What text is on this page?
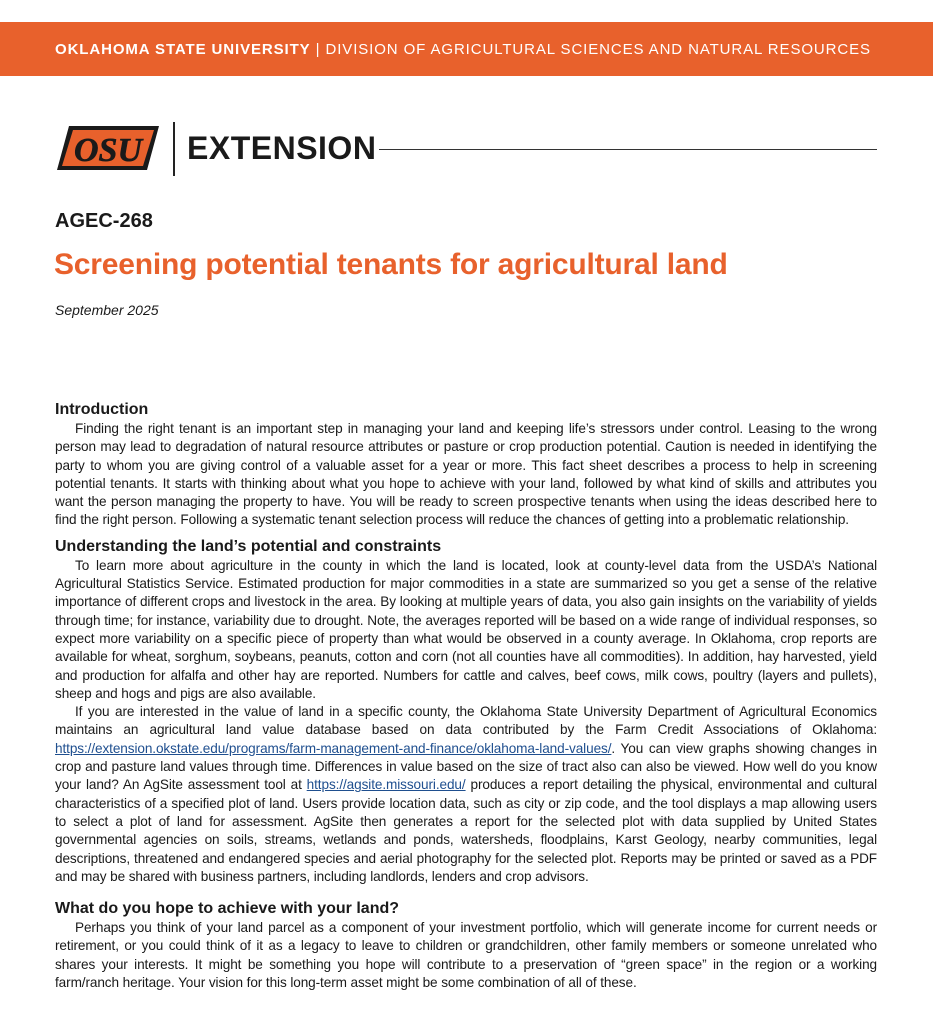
OKLAHOMA STATE UNIVERSITY | DIVISION OF AGRICULTURAL SCIENCES AND NATURAL RESOURCES
OSU EXTENSION
AGEC-268
Screening potential tenants for agricultural land
September 2025
Introduction

Finding the right tenant is an important step in managing your land and keeping life’s stressors under control. Leasing to the wrong person may lead to degradation of natural resource attributes or pasture or crop production potential. Caution is needed in identifying the party to whom you are giving control of a valuable asset for a year or more. This fact sheet describes a process to help in screening potential tenants. It starts with thinking about what you hope to achieve with your land, followed by what kind of skills and attributes you want the person managing the property to have. You will be ready to screen prospective tenants when using the ideas described here to find the right person. Following a systematic tenant selection process will reduce the chances of getting into a problematic relationship.

Understanding the land’s potential and constraints

To learn more about agriculture in the county in which the land is located, look at county-level data from the USDA’s National Agricultural Statistics Service. Estimated production for major commodities in a state are summarized so you get a sense of the relative importance of different crops and livestock in the area. By looking at multiple years of data, you also gain insights on the variability of yields through time; for instance, variability due to drought. Note, the averages reported will be based on a wide range of individual responses, so expect more variability on a specific piece of property than what would be observed in a county average. In Oklahoma, crop reports are available for wheat, sorghum, soybeans, peanuts, cotton and corn (not all counties have all commodities). In addition, hay harvested, yield and production for alfalfa and other hay are reported. Numbers for cattle and calves, beef cows, milk cows, poultry (layers and pullets), sheep and hogs and pigs are also available.

If you are interested in the value of land in a specific county, the Oklahoma State University Department of Agricultural Economics maintains an agricultural land value database based on data contributed by the Farm Credit Associations of Oklahoma: https://extension.okstate.edu/programs/farm-management-and-finance/oklahoma-land-values/. You can view graphs showing changes in crop and pasture land values through time. Differences in value based on the size of tract also can also be viewed. How well do you know your land? An AgSite assessment tool at https://agsite.missouri.edu/ produces a report detailing the physical, environmental and cultural characteristics of a specified plot of land. Users provide location data, such as city or zip code, and the tool displays a map allowing users to select a plot of land for assessment. AgSite then generates a report for the selected plot with data supplied by United States governmental agencies on soils, streams, wetlands and ponds, watersheds, floodplains, Karst Geology, nearby communities, legal descriptions, threatened and endangered species and aerial photography for the selected plot. Reports may be printed or saved as a PDF and may be shared with business partners, including landlords, lenders and crop advisors.

What do you hope to achieve with your land?

Perhaps you think of your land parcel as a component of your investment portfolio, which will generate income for current needs or retirement, or you could think of it as a legacy to leave to children or grandchildren, other family members or someone unrelated who shares your interests. It might be something you hope will contribute to a preservation of “green space” in the region or a working farm/ranch heritage. Your vision for this long-term asset might be some combination of all of these.
